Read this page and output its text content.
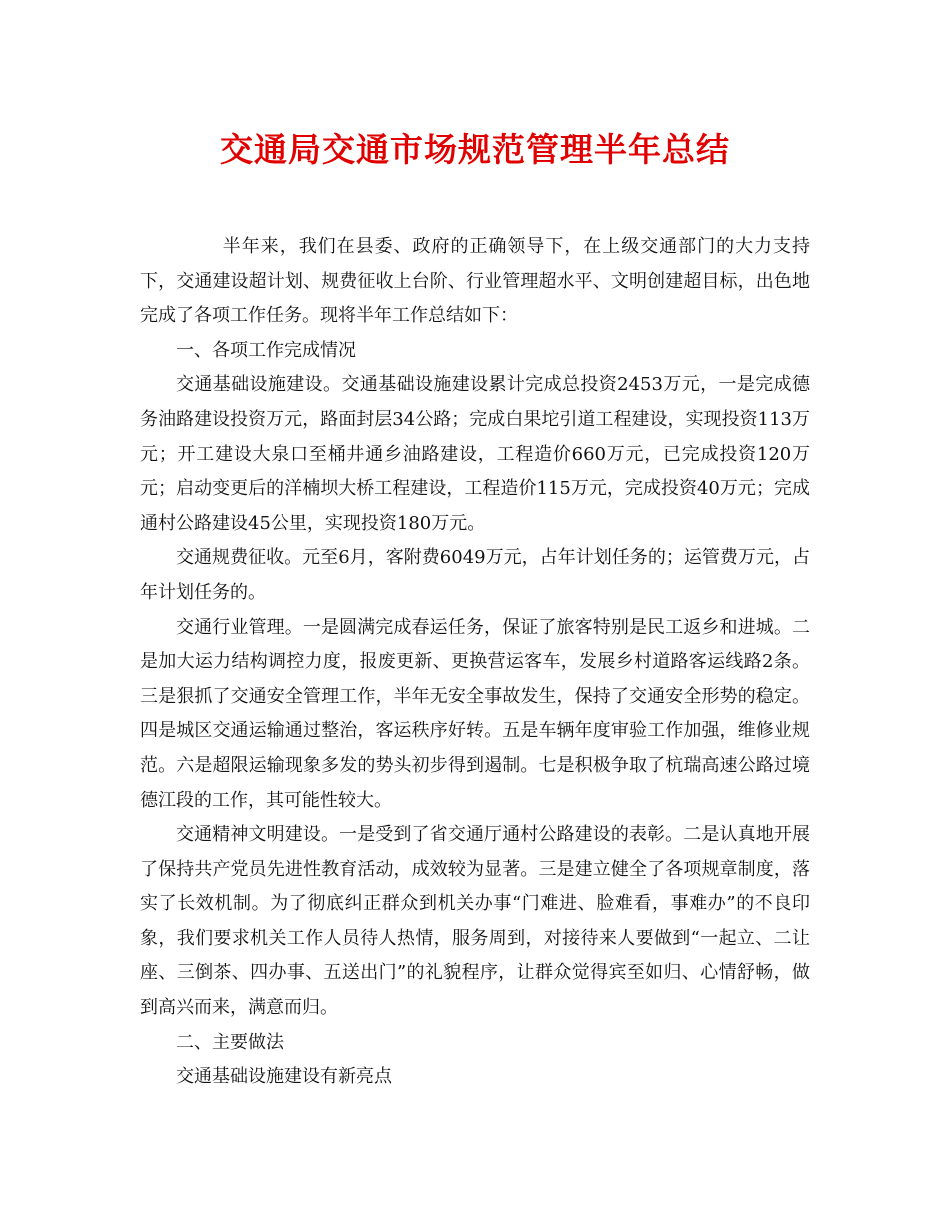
交通局交通市场规范管理半年总结

半年来，我们在县委、政府的正确领导下，在上级交通部门的大力支持下，交通建设超计划、规费征收上台阶、行业管理超水平、文明创建超目标，出色地完成了各项工作任务。现将半年工作总结如下：

一、各项工作完成情况

交通基础设施建设。交通基础设施建设累计完成总投资2453万元，一是完成德务油路建设投资万元，路面封层34公路；完成白果坨引道工程建设，实现投资113万元；开工建设大泉口至桶井通乡油路建设，工程造价660万元，已完成投资120万元；启动变更后的洋楠坝大桥工程建设，工程造价115万元，完成投资40万元；完成通村公路建设45公里，实现投资180万元。

交通规费征收。元至6月，客附费6049万元，占年计划任务的；运管费万元，占年计划任务的。

交通行业管理。一是圆满完成春运任务，保证了旅客特别是民工返乡和进城。二是加大运力结构调控力度，报废更新、更换营运客车，发展乡村道路客运线路2条。三是狠抓了交通安全管理工作，半年无安全事故发生，保持了交通安全形势的稳定。四是城区交通运输通过整治，客运秩序好转。五是车辆年度审验工作加强，维修业规范。六是超限运输现象多发的势头初步得到遏制。七是积极争取了杭瑞高速公路过境德江段的工作，其可能性较大。

交通精神文明建设。一是受到了省交通厅通村公路建设的表彰。二是认真地开展了保持共产党员先进性教育活动，成效较为显著。三是建立健全了各项规章制度，落实了长效机制。为了彻底纠正群众到机关办事“门难进、脸难看，事难办”的不良印象，我们要求机关工作人员待人热情，服务周到，对接待来人要做到“一起立、二让座、三倒茶、四办事、五送出门”的礼貌程序，让群众觉得宾至如归、心情舒畅，做到高兴而来，满意而归。

二、主要做法

交通基础设施建设有新亮点
